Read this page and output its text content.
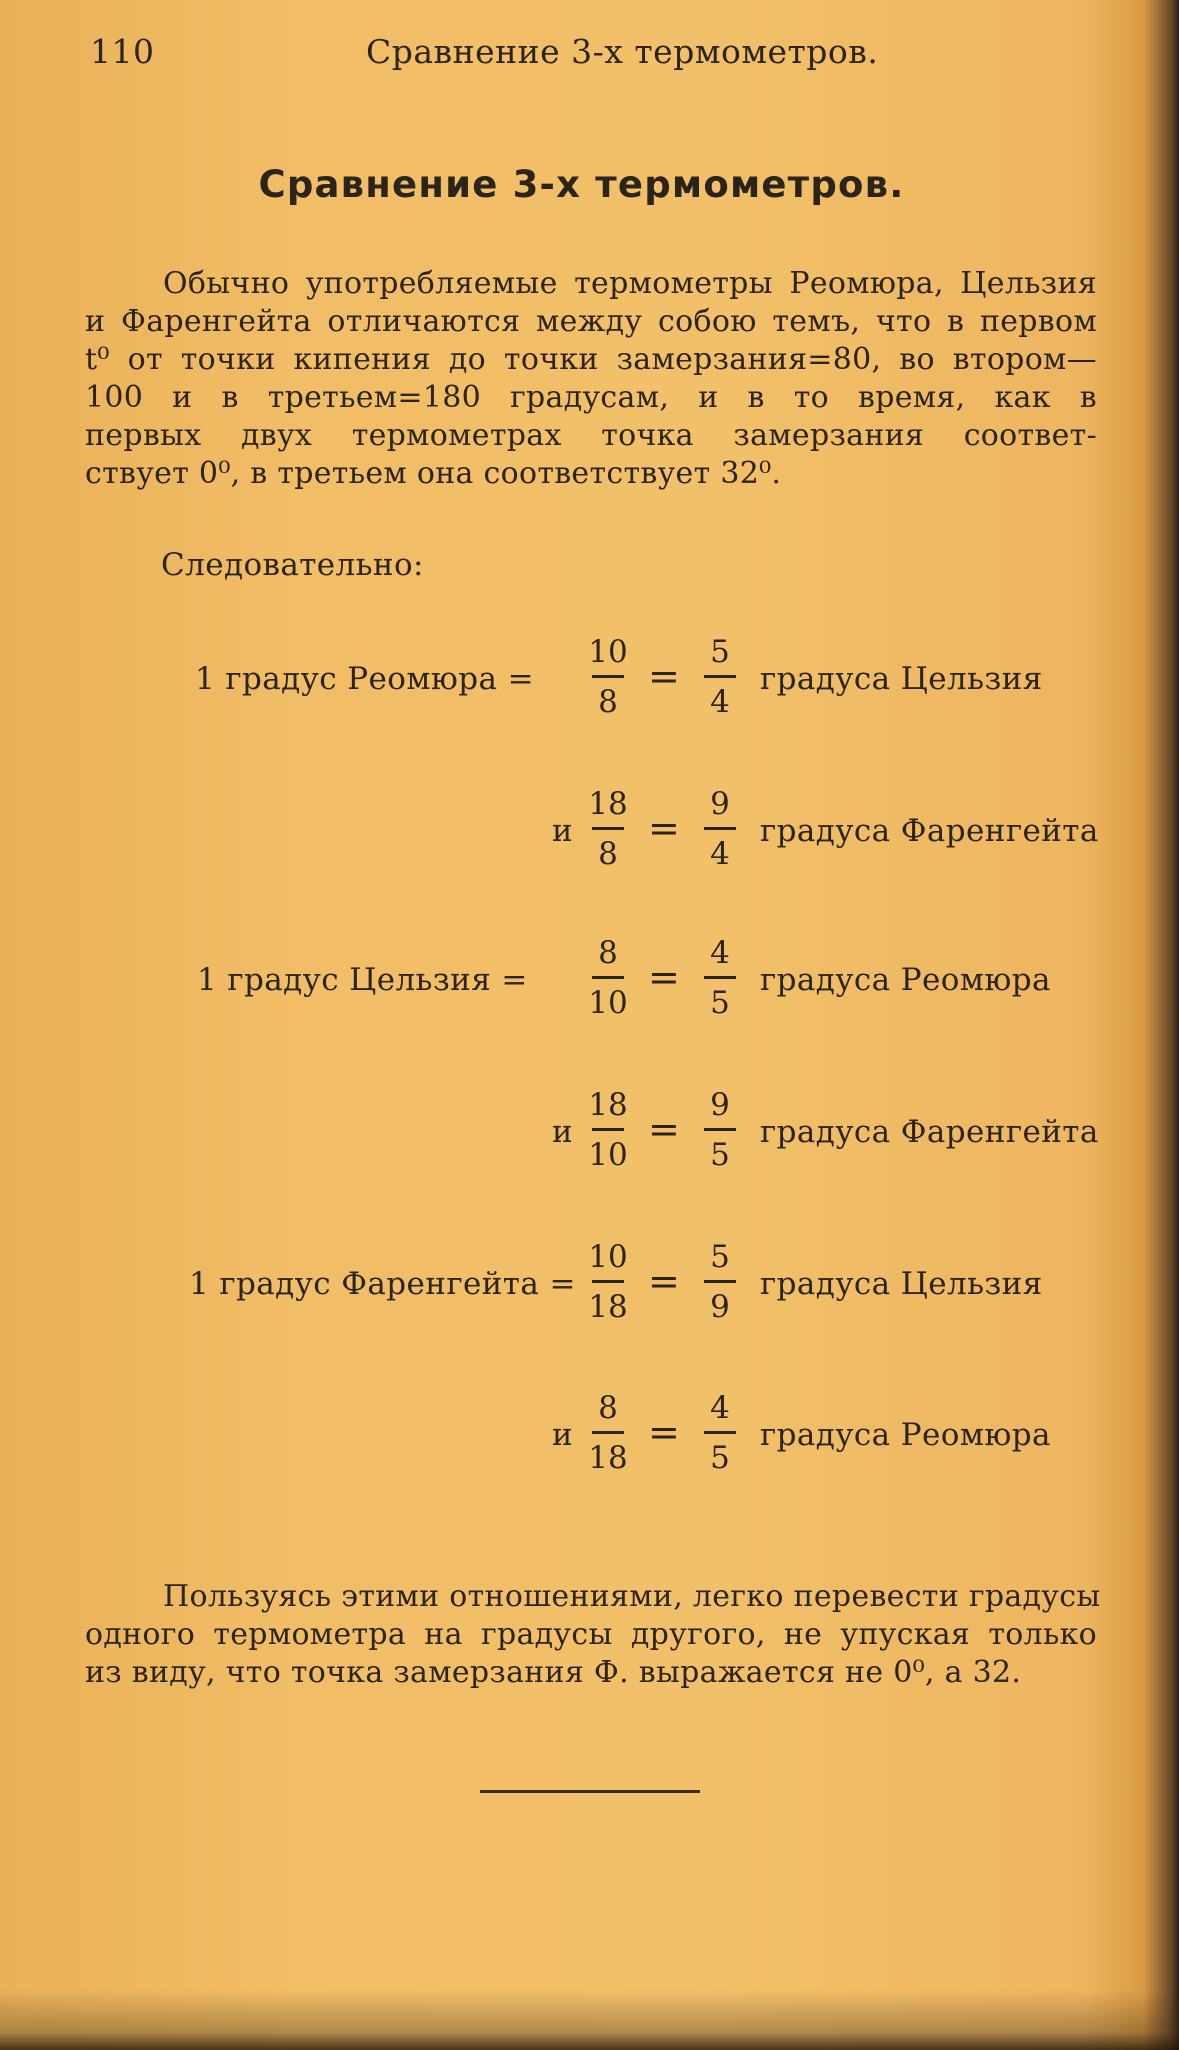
110	Сравнение 3-х термометров.
Сравнение 3-х термометров.
Обычно употребляемые термометры Реомюра, Цельзия
и Фаренгейта отличаются между собою темъ, что в первом
t⁰ от точки кипения до точки замерзания=80, во втором—
100 и в третьем=180 градусам, и в то время, как в
первых двух термометрах точка замерзания соответ-
ствует 0⁰, в третьем она соответствует 32⁰.
Следовательно:
1 градус Реомюра =
10
8
=
5
4
градуса Цельзия
и
18
8
=
9
4
градуса Фаренгейта
1 градус Цельзия =
8
10
=
4
5
градуса Реомюра
и
18
10
=
9
5
градуса Фаренгейта
1 градус Фаренгейта =
10
18
=
5
9
градуса Цельзия
и
8
18
=
4
5
градуса Реомюра
Пользуясь этими отношениями, легко перевести градусы
одного термометра на градусы другого, не упуская только
из виду, что точка замерзания Ф. выражается не 0⁰, а 32.
